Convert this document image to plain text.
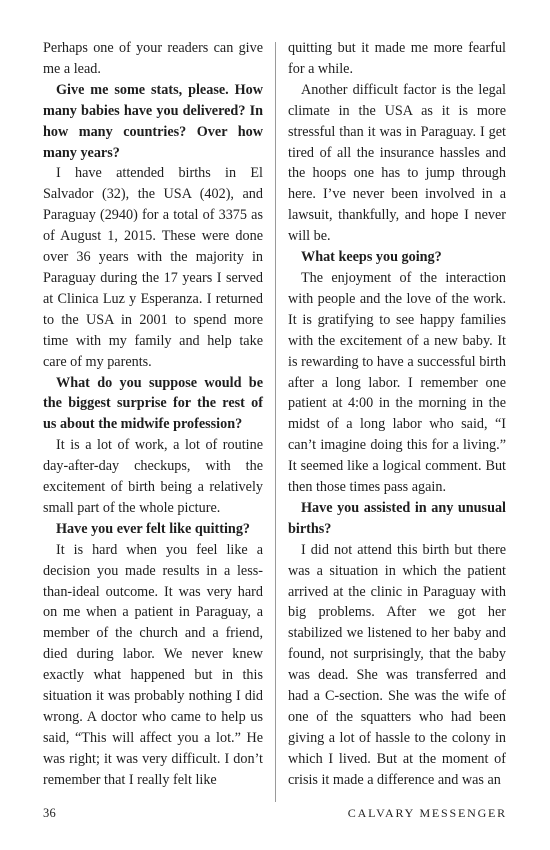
Perhaps one of your readers can give me a lead.

Give me some stats, please. How many babies have you delivered? In how many countries? Over how many years?

I have attended births in El Salvador (32), the USA (402), and Paraguay (2940) for a total of 3375 as of August 1, 2015. These were done over 36 years with the majority in Paraguay during the 17 years I served at Clinica Luz y Esperanza. I returned to the USA in 2001 to spend more time with my family and help take care of my parents.

What do you suppose would be the biggest surprise for the rest of us about the midwife profession?

It is a lot of work, a lot of routine day-after-day checkups, with the excitement of birth being a relatively small part of the whole picture.

Have you ever felt like quitting?

It is hard when you feel like a decision you made results in a less-than-ideal outcome. It was very hard on me when a patient in Paraguay, a member of the church and a friend, died during labor. We never knew exactly what happened but in this situation it was probably nothing I did wrong. A doctor who came to help us said, “This will affect you a lot.” He was right; it was very difficult. I don’t remember that I really felt like

quitting but it made me more fearful for a while.

Another difficult factor is the legal climate in the USA as it is more stressful than it was in Paraguay. I get tired of all the insurance hassles and the hoops one has to jump through here. I’ve never been involved in a lawsuit, thankfully, and hope I never will be.

What keeps you going?

The enjoyment of the interaction with people and the love of the work. It is gratifying to see happy families with the excitement of a new baby. It is rewarding to have a successful birth after a long labor. I remember one patient at 4:00 in the morning in the midst of a long labor who said, “I can’t imagine doing this for a living.” It seemed like a logical comment. But then those times pass again.

Have you assisted in any unusual births?

I did not attend this birth but there was a situation in which the patient arrived at the clinic in Paraguay with big problems. After we got her stabilized we listened to her baby and found, not surprisingly, that the baby was dead. She was transferred and had a C-section. She was the wife of one of the squatters who had been giving a lot of hassle to the colony in which I lived. But at the moment of crisis it made a difference and was an

36	CALVARY MESSENGER
